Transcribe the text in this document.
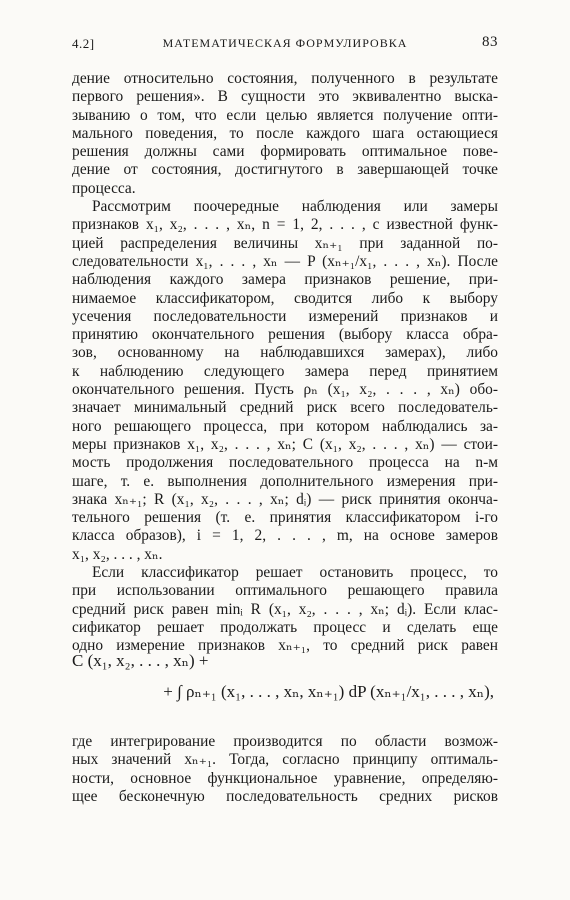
4.2]	МАТЕМАТИЧЕСКАЯ ФОРМУЛИРОВКА	83
дение относительно состояния, полученного в результате
первого решения». В сущности это эквивалентно выска-
зыванию о том, что если целью является получение опти-
мального поведения, то после каждого шага остающиеся
решения должны сами формировать оптимальное пове-
дение от состояния, достигнутого в завершающей точке
процесса.
Рассмотрим поочередные наблюдения или замеры
признаков x₁, x₂, . . . , xₙ, n = 1, 2, . . . , с известной функ-
цией распределения величины xₙ₊₁ при заданной по-
следовательности x₁, . . . , xₙ — P (xₙ₊₁/x₁, . . . , xₙ). После
наблюдения каждого замера признаков решение, при-
нимаемое классификатором, сводится либо к выбору
усечения последовательности измерений признаков и
принятию окончательного решения (выбору класса обра-
зов, основанному на наблюдавшихся замерах), либо
к наблюдению следующего замера перед принятием
окончательного решения. Пусть ρₙ (x₁, x₂, . . . , xₙ) обо-
значает минимальный средний риск всего последователь-
ного решающего процесса, при котором наблюдались за-
меры признаков x₁, x₂, . . . , xₙ; C (x₁, x₂, . . . , xₙ) — стои-
мость продолжения последовательного процесса на n-м
шаге, т. е. выполнения дополнительного измерения при-
знака xₙ₊₁; R (x₁, x₂, . . . , xₙ; dᵢ) — риск принятия оконча-
тельного решения (т. е. принятия классификатором i-го
класса образов), i = 1, 2, . . . , m, на основе замеров
x₁, x₂, . . . , xₙ.
Если классификатор решает остановить процесс, то
при использовании оптимального решающего правила
средний риск равен minᵢ R (x₁, x₂, . . . , xₙ; dᵢ). Если клас-
сификатор решает продолжать процесс и сделать еще
одно измерение признаков xₙ₊₁, то средний риск равен
C (x₁, x₂, . . . , xₙ) +
+ ∫ ρₙ₊₁ (x₁, . . . , xₙ, xₙ₊₁) dP (xₙ₊₁/x₁, . . . , xₙ),
где интегрирование производится по области возмож-
ных значений xₙ₊₁. Тогда, согласно принципу оптималь-
ности, основное функциональное уравнение, определяю-
щее бесконечную последовательность средних рисков
